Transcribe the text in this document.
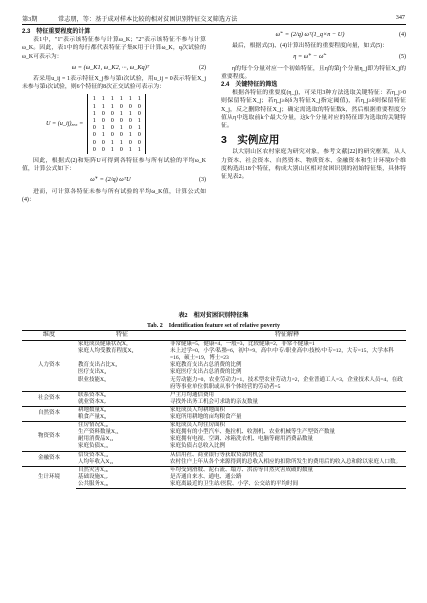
第3期	常志朋，等：基于成对样本比较的相对贫困识别特征交叉筛选方法	347
2.3　特征重要程度的计算

表1中，"1"表示该特征参与计算ω_K；"2"表示该特征不参与计算ω_K。因此，表1中的每行都代表特征子集K用于计算ω_K，q次试验的ω_K可表示为：

ω = (ω_K1, ω_K2, ···, ω_Kq)ᵀ	(2)

若采用u_ij = 1表示特征X_j参与第i次试验，用u_ij = 0表示特征X_j未参与第i次试验，则6个特征的8次正交试验可表示为：

U = (u_ij)₈ₓ₆ =
1 1 1 1 1 1
1 1 1 0 0 0
1 0 0 1 1 0
1 0 0 0 0 1
0 1 0 1 0 1
0 1 0 0 1 0
0 0 1 1 0 0
0 0 1 0 1 1

因此，根据式(2)和矩阵U可得到各特征参与所有试验的平均ω_K值，计算公式如下：

ω̃⁺ = (2/q) ωᵀU	(3)

进而，可计算各特征未参与所有试验的平均ω_K值，计算公式如(4)：

ω̃⁻ = (2/q) ωᵀ(1_q×n − U)	(4)

最后，根据式(3)、(4)计算出特征的重要程度向量，如式(5)：

η = ω̃⁺ − ω̃⁻	(5)

η的每个分量对应一个初始特征，且η的第j个分量η_j即为特征X_j的重要程度。

2.4　关键特征的筛选

根据各特征的重要度(η_j)，可采用3种方法选取关键特征：若η_j>0则保留特征X_j；若η_j≥δ(δ为特征X_j指定阈值)，若η_j≥δ则保留特征X_j，反之删除特征X_j；确定需选取的特征数k，然后根据重要程度分值从η中选取前k个最大分量，这k个分量对应的特征即为选取的关键特征。

3　实例应用

以大别山区农村家庭为研究对象，参考文献[22]的研究框架，从人力资本、社会资本、自然资本、物质资本、金融资本和生计环境6个维度构选出18个特征，构成大别山区相对贫困识别的初始特征集，具体特征见表2。

表2　相对贫困识别特征集
Tab. 2　Identification feature set of relative poverty
维度	特征	特征解释
人力资本	家庭成员健康状况X₁	非常健康=5，健康=4，一般=3，比较健康=2，非常不健康=1
	家庭人均受教育程度X₂	未上过学=0，小学/私塾=6，初中=9，高中/中专/职业高中/技校/中专=12，大专=15，大学本科=16，硕士=19，博士=23
	教育支出占比X₃	家庭教育支出占总消费的比例
	医疗支出X₄	家庭医疗支出占总消费的比例
	职业技能X₅	无劳动能力=0，农业劳动力=1，技术型农业劳动力=2，企业普通工人=3，企业技术人员=4，在政府等事业单位供职或从事个体经营的劳动者=5
社会资本	联系资本X₆	户主月均通信费用
	就业资本X₇	寻找外出务工机会可求助的亲友数量
自然资本	耕地数量X₈	家庭成员人均耕地面积
	粮食产量X₉	家庭所用耕地的亩均粮食产量
物资资本	住房情况X₁₀	家庭成员人均住房面积
	生产资料数量X₁₁	家庭拥有的小型汽车、拖拉机、收割机、农业机械等生产型资产数量
	耐用消费品X₁₂	家庭拥有电视、空调、冰箱洗衣机、电脑等耐用消费品数量
	家庭负债X₁₃	家庭负债占总收入比例
金融资本	信贷资本X₁₄	从信用社、商业银行等获取贷款的机会
	人均年收入X₁₅	农村住户上年从各个来源得到的总收入相应的扣除所发生的费用后的收入总和除以家庭人口数。
生计环境	自然灾害X₁₆	年均受到滑坡、泥石流、塌方、洪涝等自然灾害成破的数量
	基础设施X₁₇	是否通自来水、通电、通公路
	公共服务X₁₈	家庭离最近的卫生站/医院、小学、公交站的平均时间
